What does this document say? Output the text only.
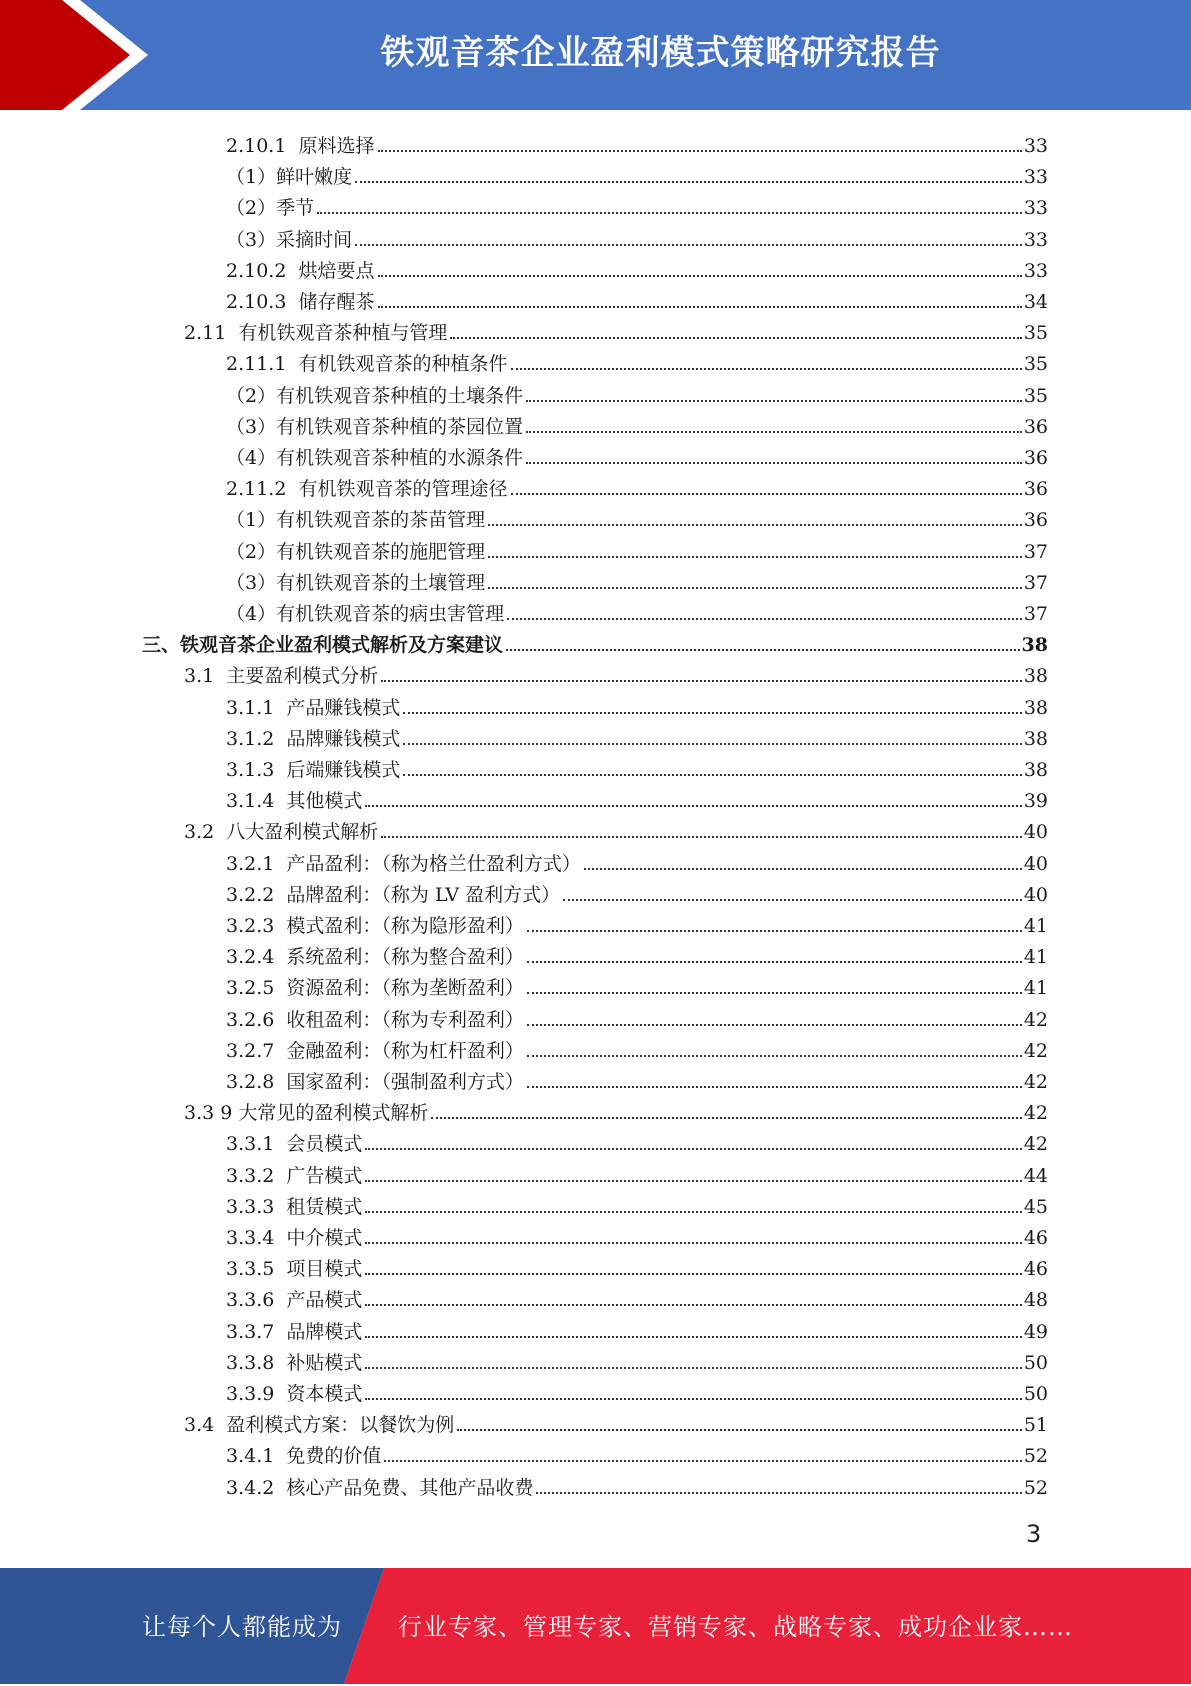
铁观音茶企业盈利模式策略研究报告
2.10.1  原料选择	33
（1）鲜叶嫩度	33
（2）季节	33
（3）采摘时间	33
2.10.2  烘焙要点	33
2.10.3  储存醒茶	34
2.11  有机铁观音茶种植与管理	35
2.11.1  有机铁观音茶的种植条件	35
（2）有机铁观音茶种植的土壤条件	35
（3）有机铁观音茶种植的茶园位置	36
（4）有机铁观音茶种植的水源条件	36
2.11.2  有机铁观音茶的管理途径	36
（1）有机铁观音茶的茶苗管理	36
（2）有机铁观音茶的施肥管理	37
（3）有机铁观音茶的土壤管理	37
（4）有机铁观音茶的病虫害管理	37
三、铁观音茶企业盈利模式解析及方案建议	38
3.1  主要盈利模式分析	38
3.1.1  产品赚钱模式	38
3.1.2  品牌赚钱模式	38
3.1.3  后端赚钱模式	38
3.1.4  其他模式	39
3.2  八大盈利模式解析	40
3.2.1  产品盈利：（称为格兰仕盈利方式）	40
3.2.2  品牌盈利：（称为 LV 盈利方式）	40
3.2.3  模式盈利：（称为隐形盈利）	41
3.2.4  系统盈利：（称为整合盈利）	41
3.2.5  资源盈利：（称为垄断盈利）	41
3.2.6  收租盈利：（称为专利盈利）	42
3.2.7  金融盈利：（称为杠杆盈利）	42
3.2.8  国家盈利：（强制盈利方式）	42
3.3 9 大常见的盈利模式解析	42
3.3.1  会员模式	42
3.3.2  广告模式	44
3.3.3  租赁模式	45
3.3.4  中介模式	46
3.3.5  项目模式	46
3.3.6  产品模式	48
3.3.7  品牌模式	49
3.3.8  补贴模式	50
3.3.9  资本模式	50
3.4  盈利模式方案：以餐饮为例	51
3.4.1  免费的价值	52
3.4.2  核心产品免费、其他产品收费	52
3
让每个人都能成为 行业专家、管理专家、营销专家、战略专家、成功企业家……
